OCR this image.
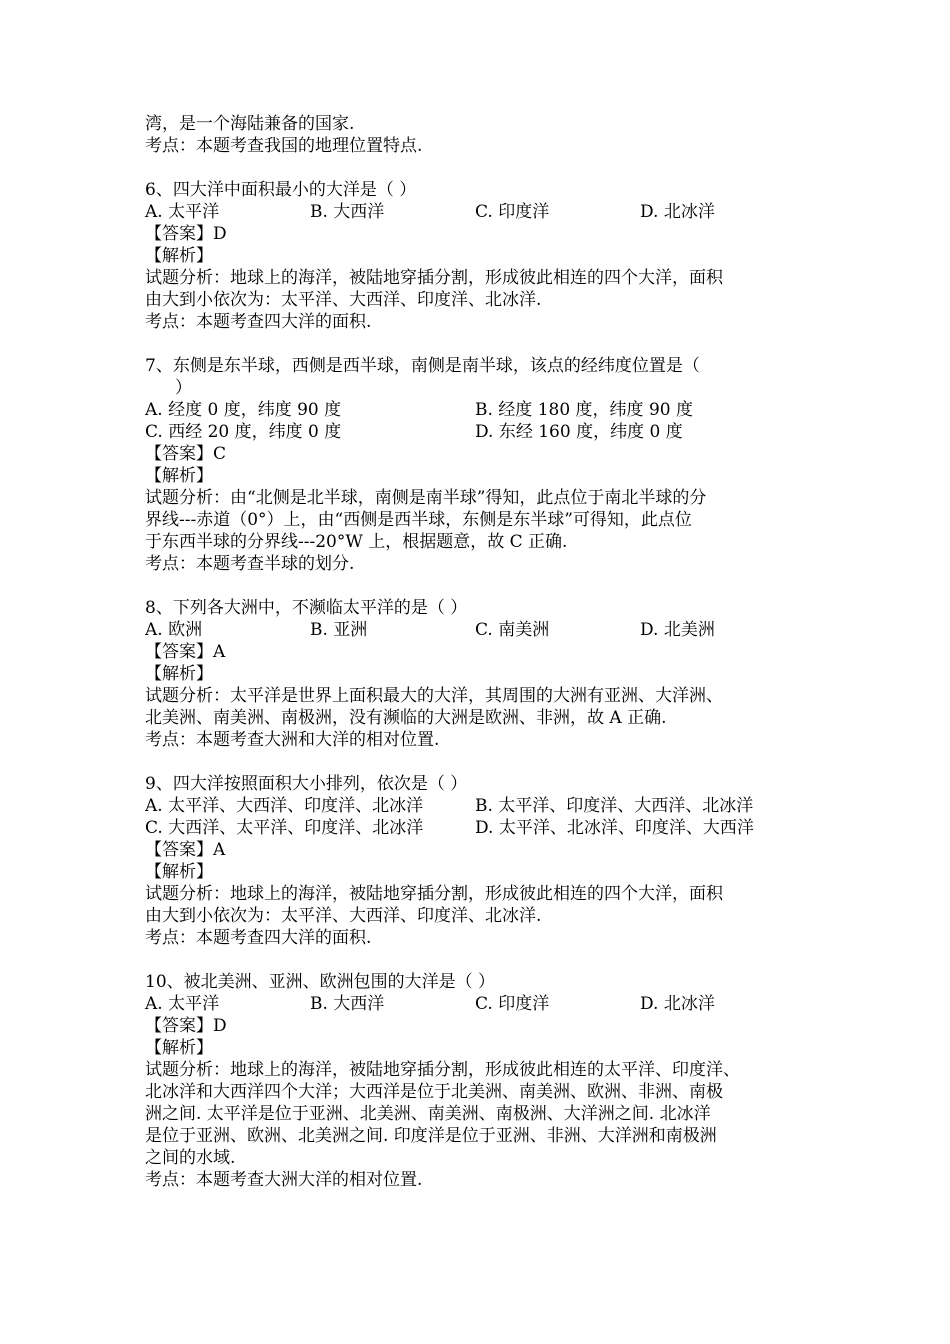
湾，是一个海陆兼备的国家.
考点：本题考查我国的地理位置特点.
6、四大洋中面积最小的大洋是（ ）
A. 太平洋	B. 大西洋	C. 印度洋	D. 北冰洋
【答案】D
【解析】
试题分析：地球上的海洋，被陆地穿插分割，形成彼此相连的四个大洋，面积
由大到小依次为：太平洋、大西洋、印度洋、北冰洋.
考点：本题考查四大洋的面积.
7、东侧是东半球，西侧是西半球，南侧是南半球，该点的经纬度位置是（
）
A. 经度 0 度，纬度 90 度	B. 经度 180 度，纬度 90 度
C. 西经 20 度，纬度 0 度	D. 东经 160 度，纬度 0 度
【答案】C
【解析】
试题分析：由“北侧是北半球，南侧是南半球”得知，此点位于南北半球的分
界线---赤道（0°）上，由“西侧是西半球，东侧是东半球”可得知，此点位
于东西半球的分界线---20°W 上，根据题意，故 C 正确.
考点：本题考查半球的划分.
8、下列各大洲中，不濒临太平洋的是（ ）
A. 欧洲	B. 亚洲	C. 南美洲	D. 北美洲
【答案】A
【解析】
试题分析：太平洋是世界上面积最大的大洋，其周围的大洲有亚洲、大洋洲、
北美洲、南美洲、南极洲，没有濒临的大洲是欧洲、非洲，故 A 正确.
考点：本题考查大洲和大洋的相对位置.
9、四大洋按照面积大小排列，依次是（ ）
A. 太平洋、大西洋、印度洋、北冰洋	B. 太平洋、印度洋、大西洋、北冰洋
C. 大西洋、太平洋、印度洋、北冰洋	D. 太平洋、北冰洋、印度洋、大西洋
【答案】A
【解析】
试题分析：地球上的海洋，被陆地穿插分割，形成彼此相连的四个大洋，面积
由大到小依次为：太平洋、大西洋、印度洋、北冰洋.
考点：本题考查四大洋的面积.
10、被北美洲、亚洲、欧洲包围的大洋是（ ）
A. 太平洋	B. 大西洋	C. 印度洋	D. 北冰洋
【答案】D
【解析】
试题分析：地球上的海洋，被陆地穿插分割，形成彼此相连的太平洋、印度洋、
北冰洋和大西洋四个大洋；大西洋是位于北美洲、南美洲、欧洲、非洲、南极
洲之间. 太平洋是位于亚洲、北美洲、南美洲、南极洲、大洋洲之间. 北冰洋
是位于亚洲、欧洲、北美洲之间. 印度洋是位于亚洲、非洲、大洋洲和南极洲
之间的水域.
考点：本题考查大洲大洋的相对位置.
